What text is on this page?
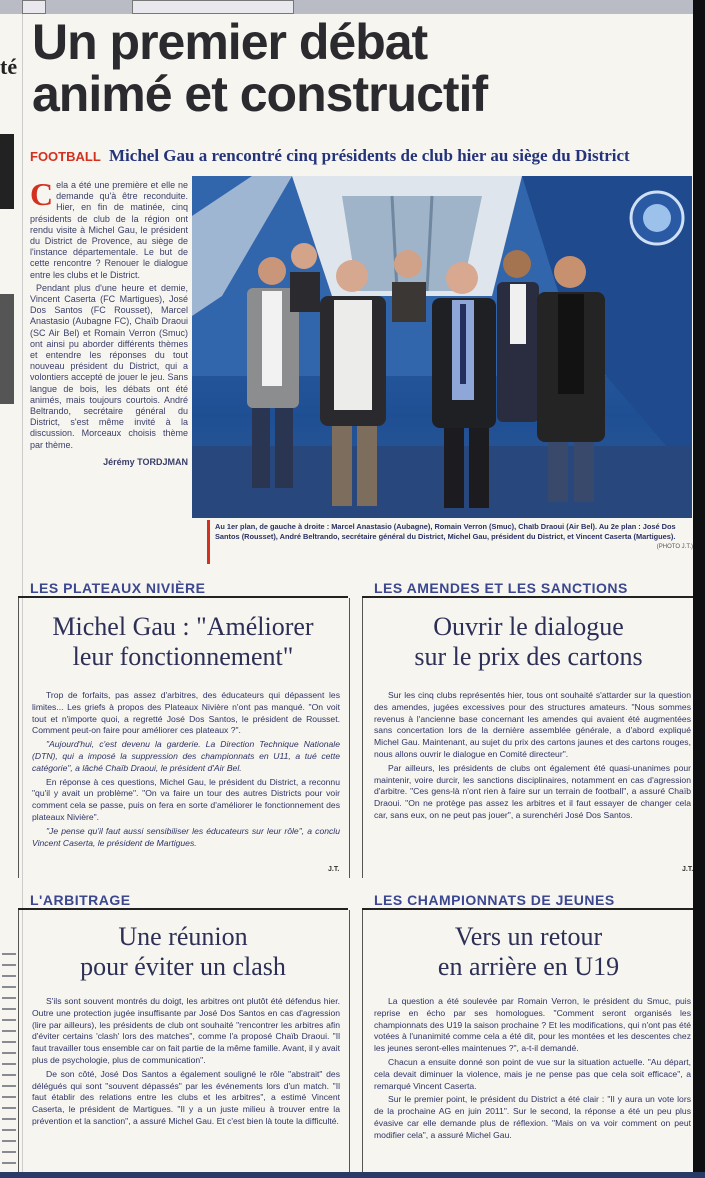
té Un premier débat
animé et constructif
FOOTBALL Michel Gau a rencontré cinq présidents de club hier au siège du District

Cela a été une première et elle ne demande qu'à être reconduite. Hier, en fin de matinée, cinq présidents de club de la région ont rendu visite à Michel Gau, le président du District de Provence, au siège de l'instance départementale. Le but de cette rencontre ? Renouer le dialogue entre les clubs et le District.

Pendant plus d'une heure et demie, Vincent Caserta (FC Martigues), José Dos Santos (FC Rousset), Marcel Anastasio (Aubagne FC), Chaïb Draoui (SC Air Bel) et Romain Verron (Smuc) ont ainsi pu aborder différents thèmes et entendre les réponses du tout nouveau président du District, qui a volontiers accepté de jouer le jeu. Sans langue de bois, les débats ont été animés, mais toujours courtois. André Beltrando, secrétaire général du District, s'est même invité à la discussion. Morceaux choisis thème par thème.

Jérémy TORDJMAN
Au 1er plan, de gauche à droite : Marcel Anastasio (Aubagne), Romain Verron (Smuc), Chaïb Draoui (Air Bel). Au 2e plan : José Dos Santos (Rousset), André Beltrando, secrétaire général du District, Michel Gau, président du District, et Vincent Caserta (Martigues).
(PHOTO J.T.)
LES PLATEAUX NIVIÈRE
Michel Gau : "Améliorer
leur fonctionnement"

Trop de forfaits, pas assez d'arbitres, des éducateurs qui dépassent les limites... Les griefs à propos des Plateaux Nivière n'ont pas manqué. "On voit tout et n'importe quoi, a regretté José Dos Santos, le président de Rousset. Comment peut-on faire pour améliorer ces plateaux ?".

"Aujourd'hui, c'est devenu la garderie. La Direction Technique Nationale (DTN), qui a imposé la suppression des championnats en U11, a tué cette catégorie", a lâché Chaïb Draoui, le président d'Air Bel.

En réponse à ces questions, Michel Gau, le président du District, a reconnu "qu'il y avait un problème". "On va faire un tour des autres Districts pour voir comment cela se passe, puis on fera en sorte d'améliorer le fonctionnement des plateaux Nivière".

"Je pense qu'il faut aussi sensibiliser les éducateurs sur leur rôle", a conclu Vincent Caserta, le président de Martigues.

J.T.
LES AMENDES ET LES SANCTIONS
Ouvrir le dialogue
sur le prix des cartons

Sur les cinq clubs représentés hier, tous ont souhaité s'attarder sur la question des amendes, jugées excessives pour des structures amateurs. "Nous sommes revenus à l'ancienne base concernant les amendes qui avaient été augmentées sans concertation lors de la dernière assemblée générale, a d'abord expliqué Michel Gau. Maintenant, au sujet du prix des cartons jaunes et des cartons rouges, nous allons ouvrir le dialogue en Comité directeur".

Par ailleurs, les présidents de clubs ont également été quasi-unanimes pour maintenir, voire durcir, les sanctions disciplinaires, notamment en cas d'agression d'arbitre. "Ces gens-là n'ont rien à faire sur un terrain de football", a assuré Chaïb Draoui. "On ne protège pas assez les arbitres et il faut essayer de changer cela car, sans eux, on ne peut pas jouer", a surenchéri José Dos Santos.

J.T.
L'ARBITRAGE
Une réunion
pour éviter un clash

S'ils sont souvent montrés du doigt, les arbitres ont plutôt été défendus hier. Outre une protection jugée insuffisante par José Dos Santos en cas d'agression (lire par ailleurs), les présidents de club ont souhaité "rencontrer les arbitres afin d'éviter certains 'clash' lors des matches", comme l'a proposé Chaïb Draoui. "Il faut travailler tous ensemble car on fait partie de la même famille. Avant, il y avait plus de psychologie, plus de communication".

De son côté, José Dos Santos a également souligné le rôle "abstrait" des délégués qui sont "souvent dépassés" par les événements lors d'un match. "Il faut établir des relations entre les clubs et les arbitres", a estimé Vincent Caserta, le président de Martigues. "Il y a un juste milieu à trouver entre la prévention et la sanction", a assuré Michel Gau. Et c'est bien là toute la difficulté.

LES CHAMPIONNATS DE JEUNES
Vers un retour
en arrière en U19

La question a été soulevée par Romain Verron, le président du Smuc, puis reprise en écho par ses homologues. "Comment seront organisés les championnats des U19 la saison prochaine ? Et les modifications, qui n'ont pas été votées à l'unanimité comme cela a été dit, pour les montées et les descentes chez les jeunes seront-elles maintenues ?", a-t-il demandé.

Chacun a ensuite donné son point de vue sur la situation actuelle. "Au départ, cela devait diminuer la violence, mais je ne pense pas que cela soit efficace", a remarqué Vincent Caserta.

Sur le premier point, le président du District a été clair : "Il y aura un vote lors de la prochaine AG en juin 2011". Sur le second, la réponse a été un peu plus évasive car elle demande plus de réflexion. "Mais on va voir comment on peut modifier cela", a assuré Michel Gau.
